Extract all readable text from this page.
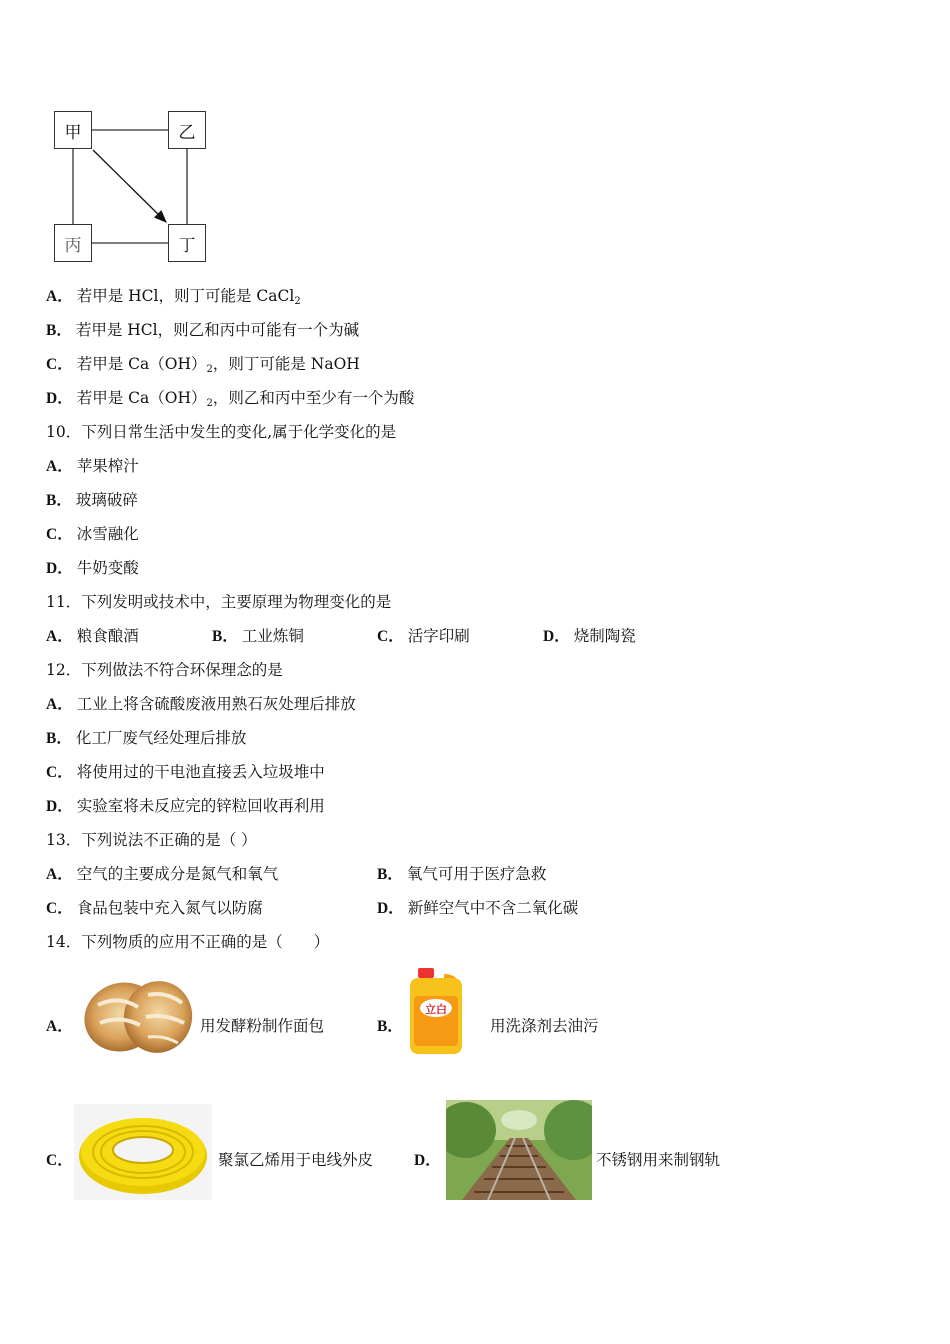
甲	乙
丙	丁
A． 若甲是 HCl，则丁可能是 CaCl$_2$
B． 若甲是 HCl，则乙和丙中可能有一个为碱
C． 若甲是 $Ca(OH)_2$，则丁可能是 NaOH
D． 若甲是 $Ca(OH)_2$，则乙和丙中至少有一个为酸
10．下列日常生活中发生的变化,属于化学变化的是
A． 苹果榨汁
B． 玻璃破碎
C． 冰雪融化
D． 牛奶变酸
11．下列发明或技术中，主要原理为物理变化的是
A． 粮食酿酒	B． 工业炼铜	C． 活字印刷	D． 烧制陶瓷
12．下列做法不符合环保理念的是
A． 工业上将含硫酸废液用熟石灰处理后排放
B． 化工厂废气经处理后排放
C． 将使用过的干电池直接丢入垃圾堆中
D． 实验室将未反应完的锌粒回收再利用
13．下列说法不正确的是（ ）
A． 空气的主要成分是氮气和氧气	B． 氧气可用于医疗急救
C． 食品包装中充入氮气以防腐	D． 新鲜空气中不含二氧化碳
14．下列物质的应用不正确的是（　　）
A．	用发酵粉制作面包	B．
立白
用洗涤剂去油污
C．	聚氯乙烯用于电线外皮	D．	不锈钢用来制钢轨
